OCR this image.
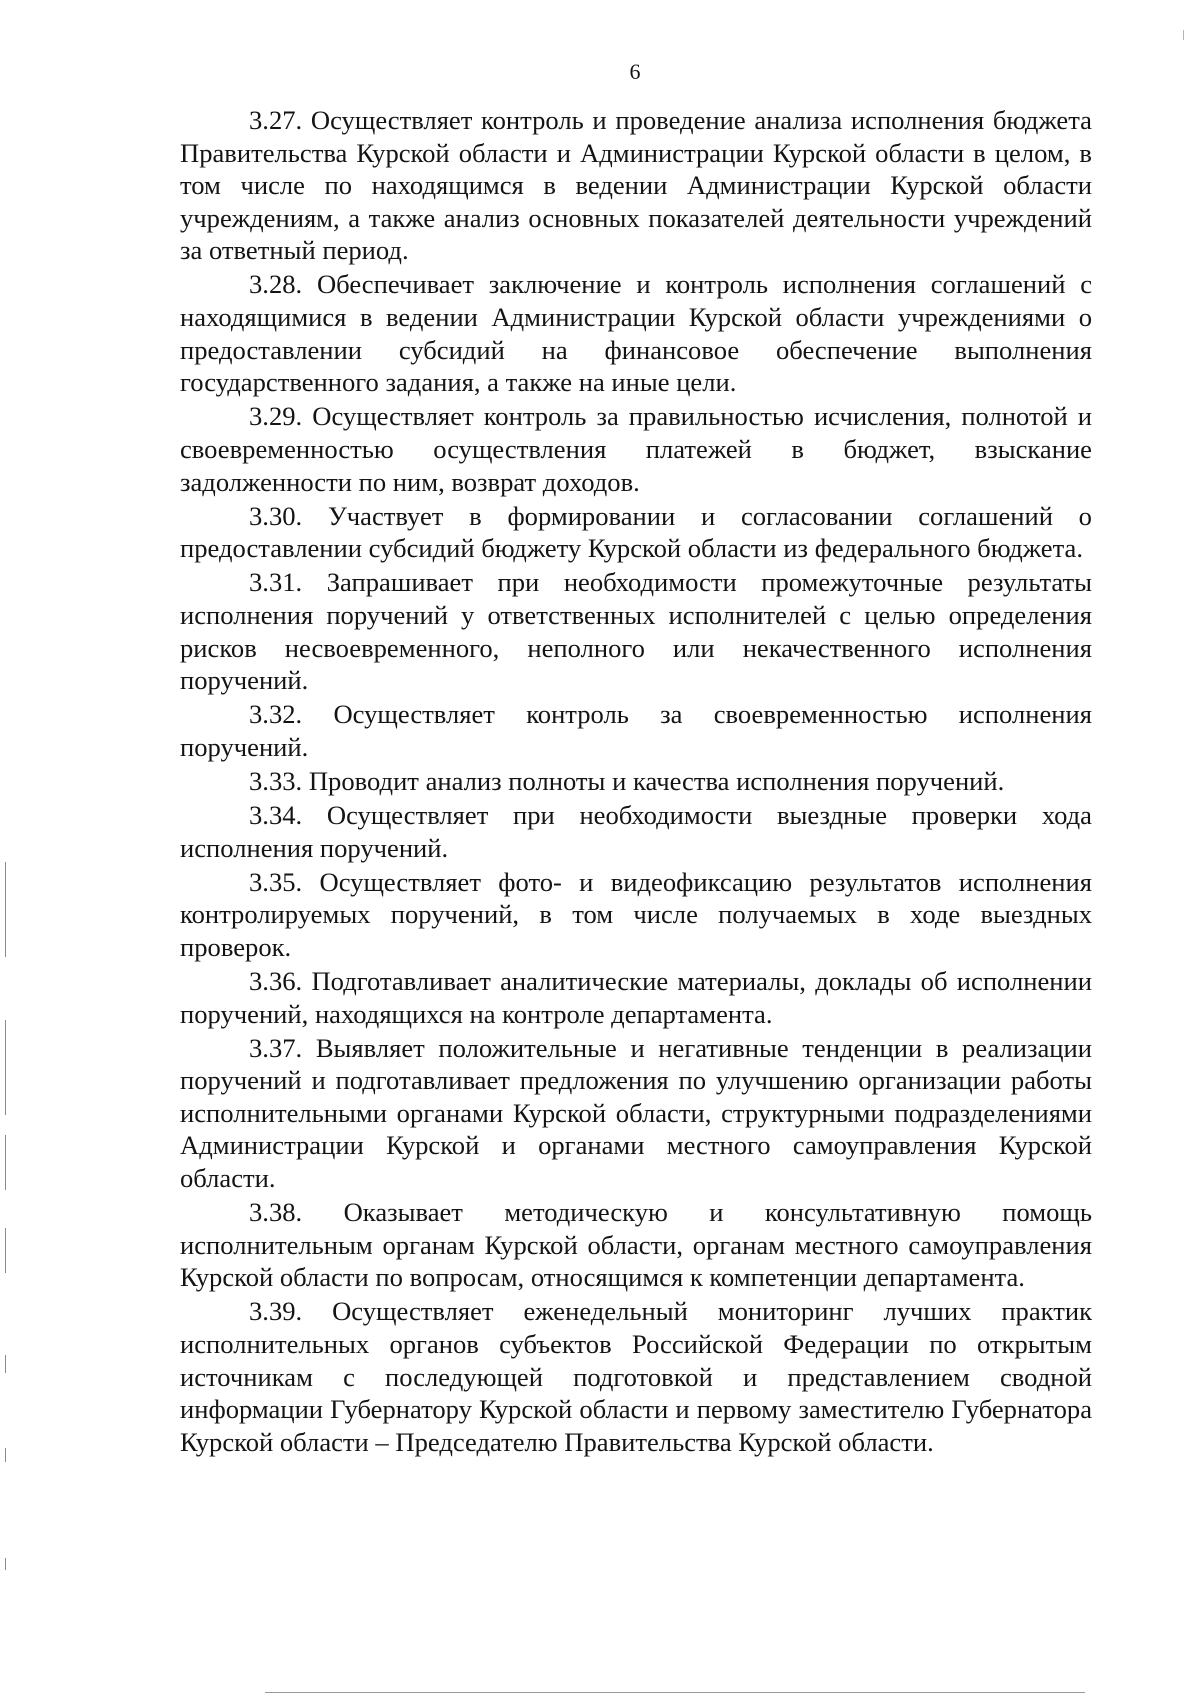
6

3.27. Осуществляет контроль и проведение анализа исполнения бюджета Правительства Курской области и Администрации Курской области в целом, в том числе по находящимся в ведении Администрации Курской области учреждениям, а также анализ основных показателей деятельности учреждений за ответный период.

3.28. Обеспечивает заключение и контроль исполнения соглашений с находящимися в ведении Администрации Курской области учреждениями о предоставлении субсидий на финансовое обеспечение выполнения государственного задания, а также на иные цели.

3.29. Осуществляет контроль за правильностью исчисления, полнотой и своевременностью осуществления платежей в бюджет, взыскание задолженности по ним, возврат доходов.

3.30. Участвует в формировании и согласовании соглашений о предоставлении субсидий бюджету Курской области из федерального бюджета.

3.31. Запрашивает при необходимости промежуточные результаты исполнения поручений у ответственных исполнителей с целью определения рисков несвоевременного, неполного или некачественного исполнения поручений.

3.32. Осуществляет контроль за своевременностью исполнения поручений.

3.33. Проводит анализ полноты и качества исполнения поручений.

3.34. Осуществляет при необходимости выездные проверки хода исполнения поручений.

3.35. Осуществляет фото- и видеофиксацию результатов исполнения контролируемых поручений, в том числе получаемых в ходе выездных проверок.

3.36. Подготавливает аналитические материалы, доклады об исполнении поручений, находящихся на контроле департамента.

3.37. Выявляет положительные и негативные тенденции в реализации поручений и подготавливает предложения по улучшению организации работы исполнительными органами Курской области, структурными подразделениями Администрации Курской и органами местного самоуправления Курской области.

3.38. Оказывает методическую и консультативную помощь исполнительным органам Курской области, органам местного самоуправления Курской области по вопросам, относящимся к компетенции департамента.

3.39. Осуществляет еженедельный мониторинг лучших практик исполнительных органов субъектов Российской Федерации по открытым источникам с последующей подготовкой и представлением сводной информации Губернатору Курской области и первому заместителю Губернатора Курской области – Председателю Правительства Курской области.
